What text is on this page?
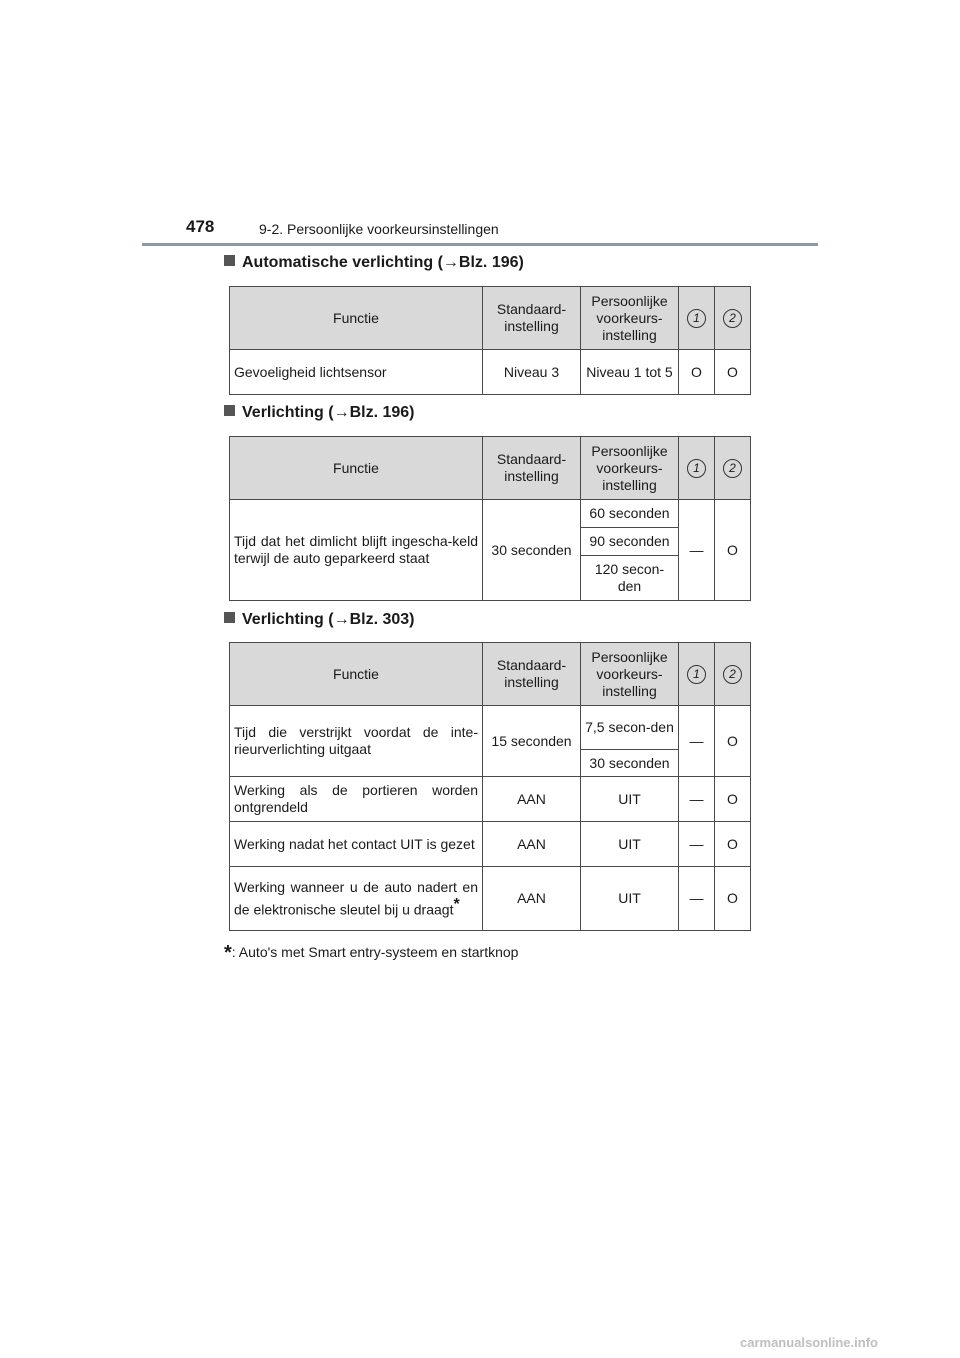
478	9-2. Persoonlijke voorkeursinstellingen
Automatische verlichting (→Blz. 196)
Functie	Standaard-instelling	Persoonlijke voorkeurs-instelling	1	2
Gevoeligheid lichtsensor	Niveau 3	Niveau 1 tot 5	O	O
Verlichting (→Blz. 196)
Functie	Standaard-instelling	Persoonlijke voorkeurs-instelling	1	2
Tijd dat het dimlicht blijft ingescha-keld terwijl de auto geparkeerd staat	30 seconden	60 seconden	—	O
		90 seconden		
		120 secon-den		
Verlichting (→Blz. 303)
Functie	Standaard-instelling	Persoonlijke voorkeurs-instelling	1	2
Tijd die verstrijkt voordat de inte-rieurverlichting uitgaat	15 seconden	7,5 secon-den	—	O
		30 seconden		
Werking als de portieren worden ontgrendeld	AAN	UIT	—	O
Werking nadat het contact UIT is gezet	AAN	UIT	—	O
Werking wanneer u de auto nadert en de elektronische sleutel bij u draagt*	AAN	UIT	—	O
*: Auto's met Smart entry-systeem en startknop
carmanualsonline.info
